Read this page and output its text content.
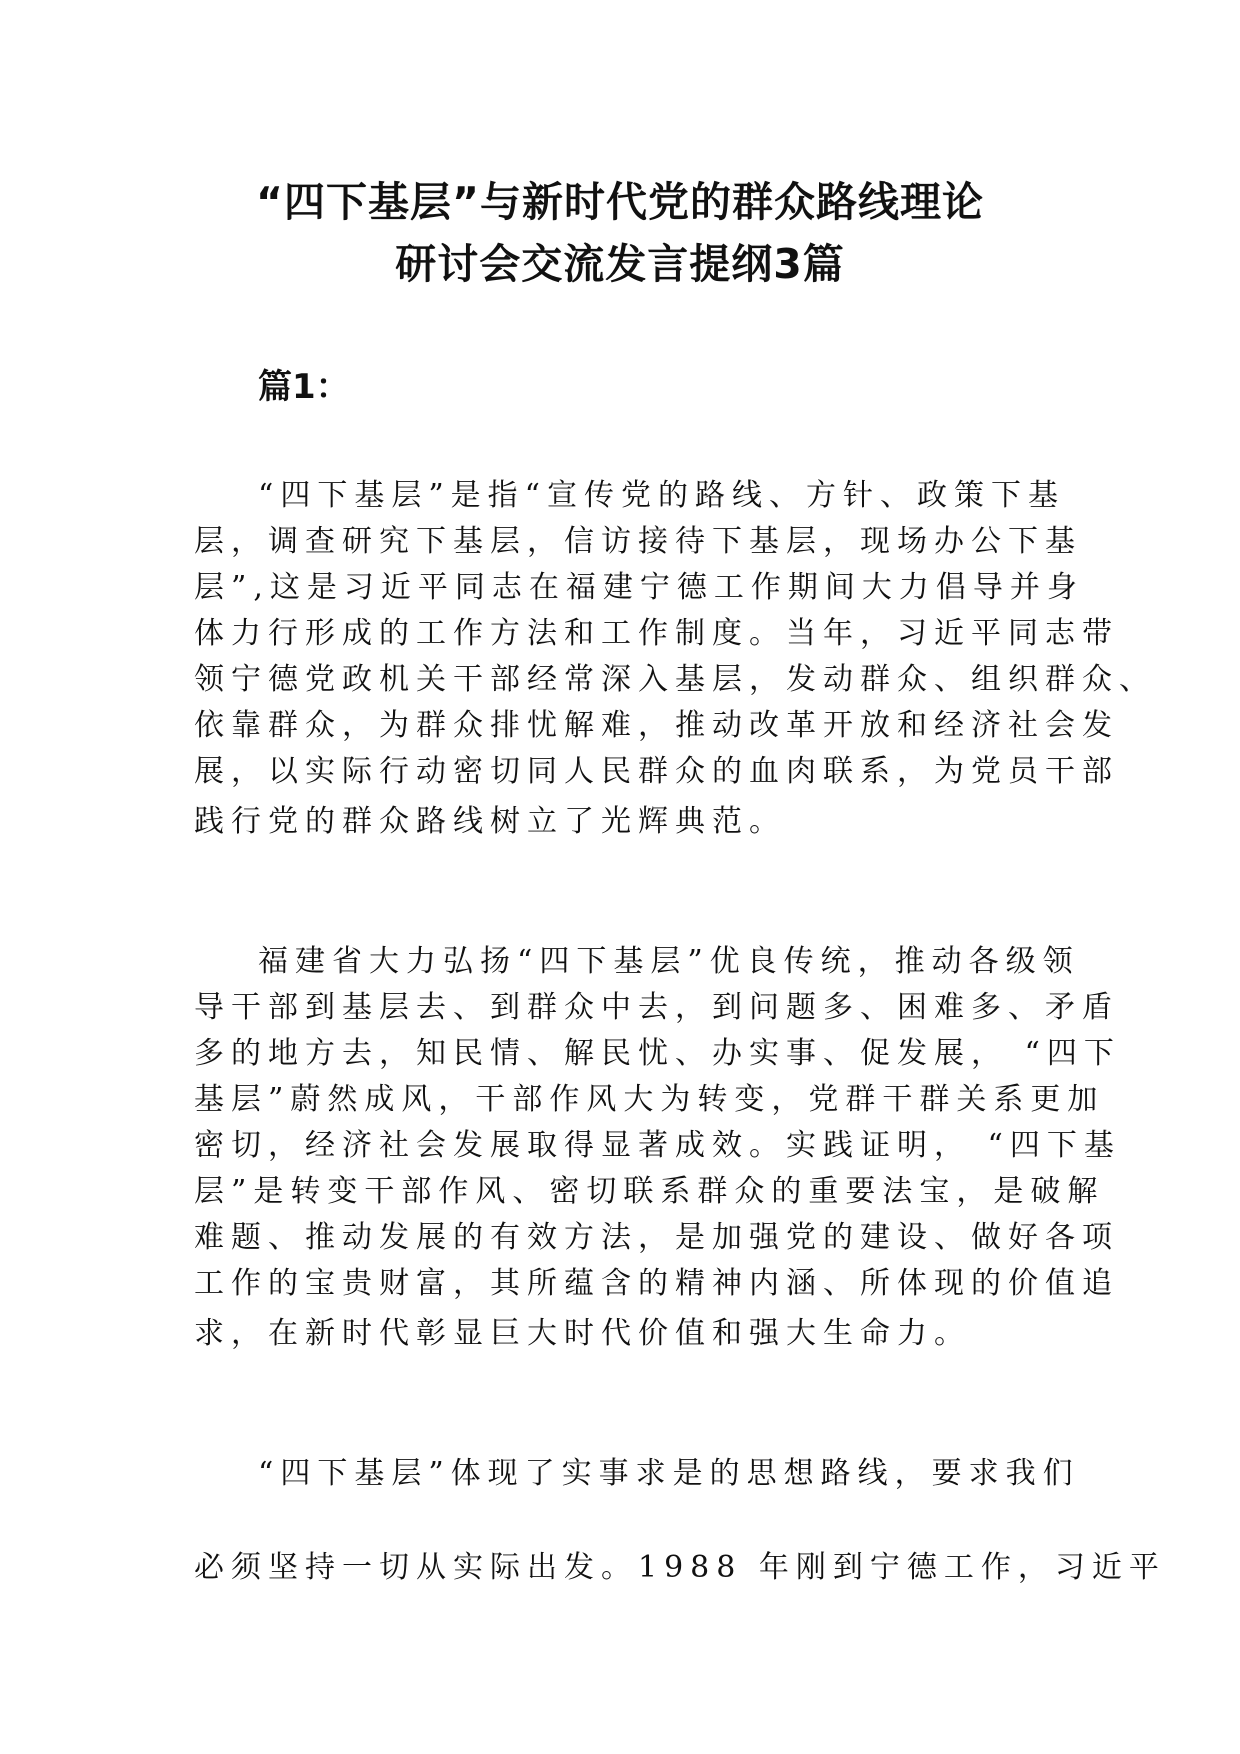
“四下基层”与新时代党的群众路线理论
研讨会交流发言提纲3篇
篇1：
“四下基层”是指“宣传党的路线、方针、政策下基
层，调查研究下基层，信访接待下基层，现场办公下基
层”,这是习近平同志在福建宁德工作期间大力倡导并身
体力行形成的工作方法和工作制度。当年，习近平同志带
领宁德党政机关干部经常深入基层，发动群众、组织群众、
依靠群众，为群众排忧解难，推动改革开放和经济社会发
展，以实际行动密切同人民群众的血肉联系，为党员干部
践行党的群众路线树立了光辉典范。
福建省大力弘扬“四下基层”优良传统，推动各级领
导干部到基层去、到群众中去，到问题多、困难多、矛盾
多的地方去，知民情、解民忧、办实事、促发展， “四下
基层”蔚然成风，干部作风大为转变，党群干群关系更加
密切，经济社会发展取得显著成效。实践证明， “四下基
层”是转变干部作风、密切联系群众的重要法宝，是破解
难题、推动发展的有效方法，是加强党的建设、做好各项
工作的宝贵财富，其所蕴含的精神内涵、所体现的价值追
求，在新时代彰显巨大时代价值和强大生命力。
“四下基层”体现了实事求是的思想路线，要求我们
必须坚持一切从实际出发。1988 年刚到宁德工作，习近平
